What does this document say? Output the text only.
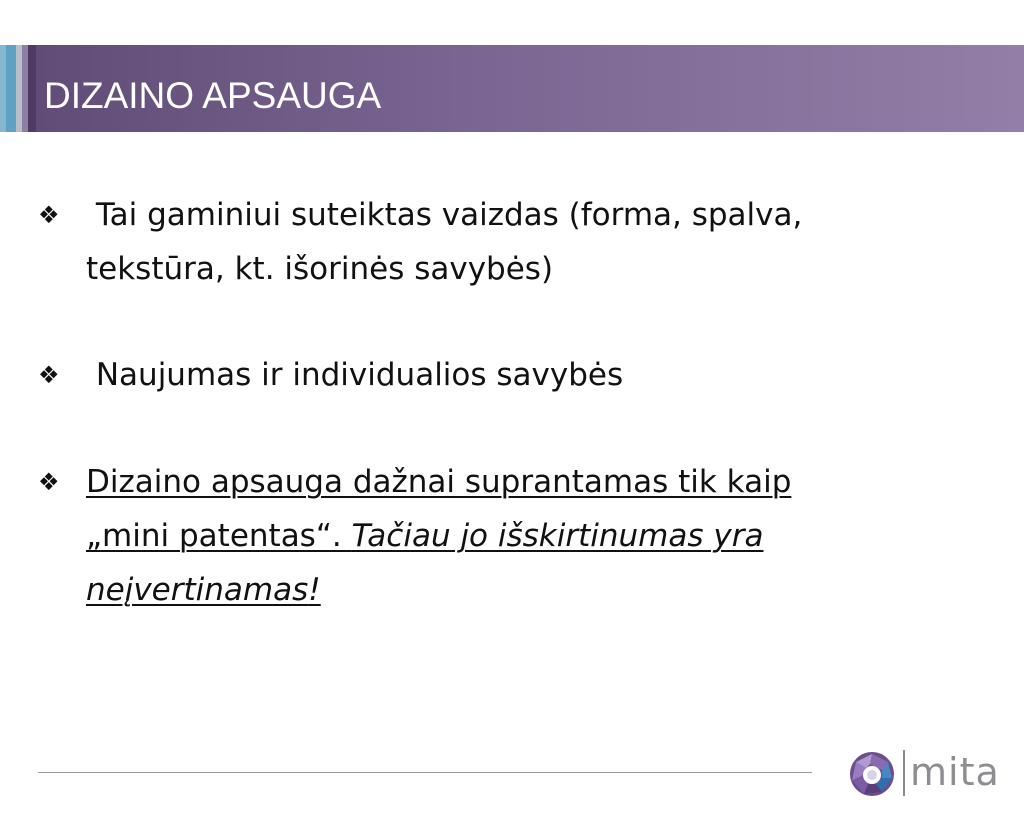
DIZAINO APSAUGA
❖	Tai gaminiui suteiktas vaizdas (forma, spalva,
tekstūra, kt. išorinės savybės)
❖	Naujumas ir individualios savybės
❖ Dizaino apsauga dažnai suprantamas tik kaip
„mini patentas“. Tačiau jo išskirtinumas yra
neįvertinamas!
mita
